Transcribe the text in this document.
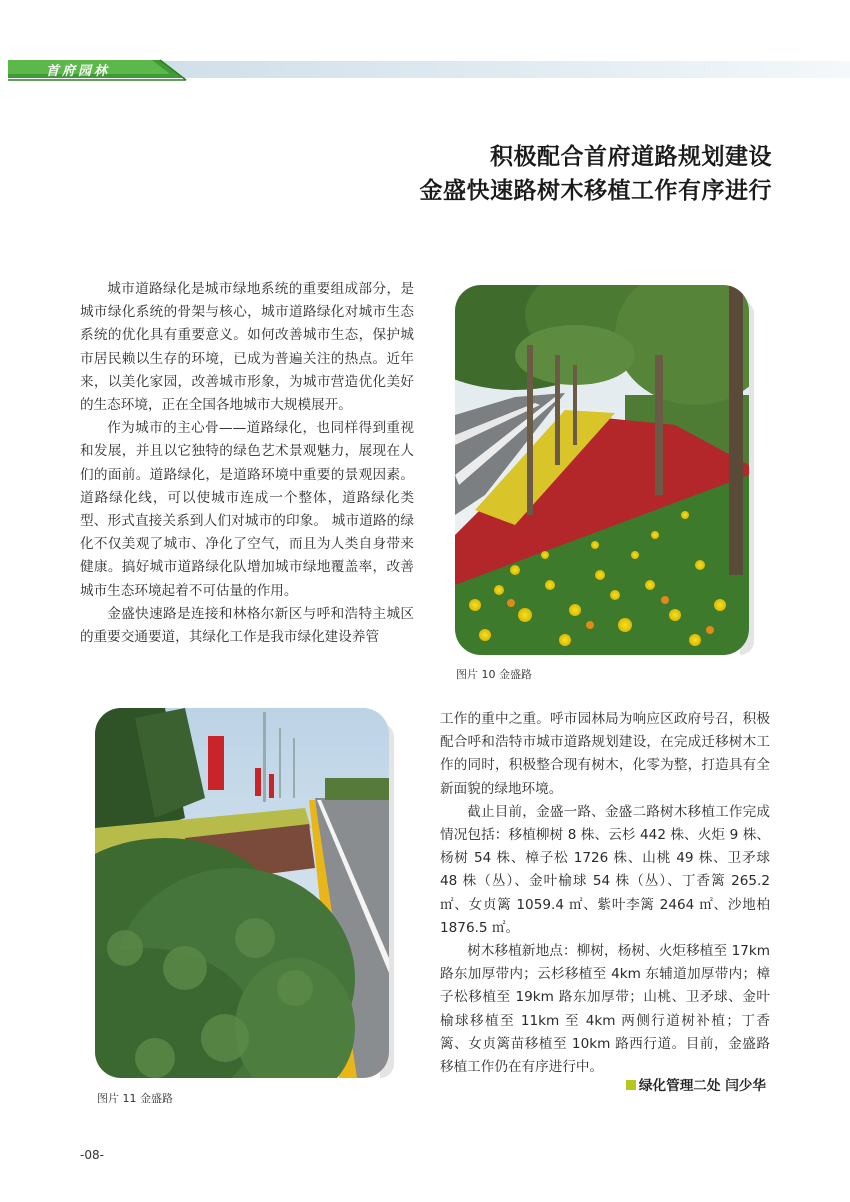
首府园林
积极配合首府道路规划建设
金盛快速路树木移植工作有序进行

城市道路绿化是城市绿地系统的重要组成部分，是城市绿化系统的骨架与核心，城市道路绿化对城市生态系统的优化具有重要意义。如何改善城市生态，保护城市居民赖以生存的环境，已成为普遍关注的热点。近年来，以美化家园，改善城市形象，为城市营造优化美好的生态环境，正在全国各地城市大规模展开。

作为城市的主心骨——道路绿化，也同样得到重视和发展，并且以它独特的绿色艺术景观魅力，展现在人们的面前。道路绿化，是道路环境中重要的景观因素。道路绿化线，可以使城市连成一个整体，道路绿化类型、形式直接关系到人们对城市的印象。 城市道路的绿化不仅美观了城市、净化了空气，而且为人类自身带来健康。搞好城市道路绿化队增加城市绿地覆盖率，改善城市生态环境起着不可估量的作用。

金盛快速路是连接和林格尔新区与呼和浩特主城区的重要交通要道，其绿化工作是我市绿化建设养管

图片 10 金盛路
图片 11 金盛路

工作的重中之重。呼市园林局为响应区政府号召，积极配合呼和浩特市城市道路规划建设，在完成迁移树木工作的同时，积极整合现有树木，化零为整，打造具有全新面貌的绿地环境。

截止目前，金盛一路、金盛二路树木移植工作完成情况包括：移植柳树 8 株、云杉 442 株、火炬 9 株、杨树 54 株、樟子松 1726 株、山桃 49 株、卫矛球 48 株（丛）、金叶榆球 54 株（丛）、丁香篱 265.2 ㎡、女贞篱 1059.4 ㎡、紫叶李篱 2464 ㎡、沙地柏 1876.5 ㎡。

树木移植新地点：柳树，杨树、火炬移植至 17km 路东加厚带内；云杉移植至 4km 东辅道加厚带内；樟子松移植至 19km 路东加厚带；山桃、卫矛球、金叶榆球移植至 11km 至 4km 两侧行道树补植；丁香篱、女贞篱苗移植至 10km 路西行道。目前，金盛路移植工作仍在有序进行中。

绿化管理二处 闫少华
-08-
